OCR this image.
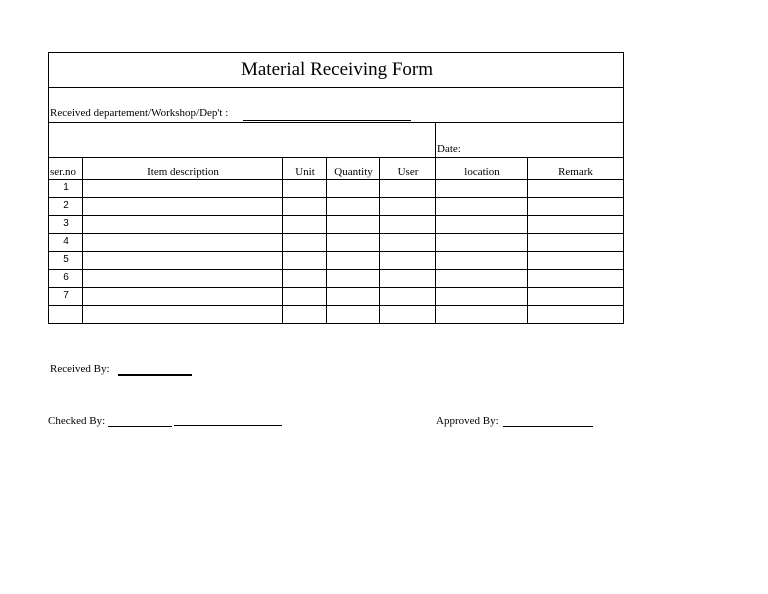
Material Receiving Form
Received departement/Workshop/Dep't :
Date:
ser.no	Item description	Unit	Quantity	User	location	Remark
1
2
3
4
5
6
7
Received By:
Checked By:	Approved By:
